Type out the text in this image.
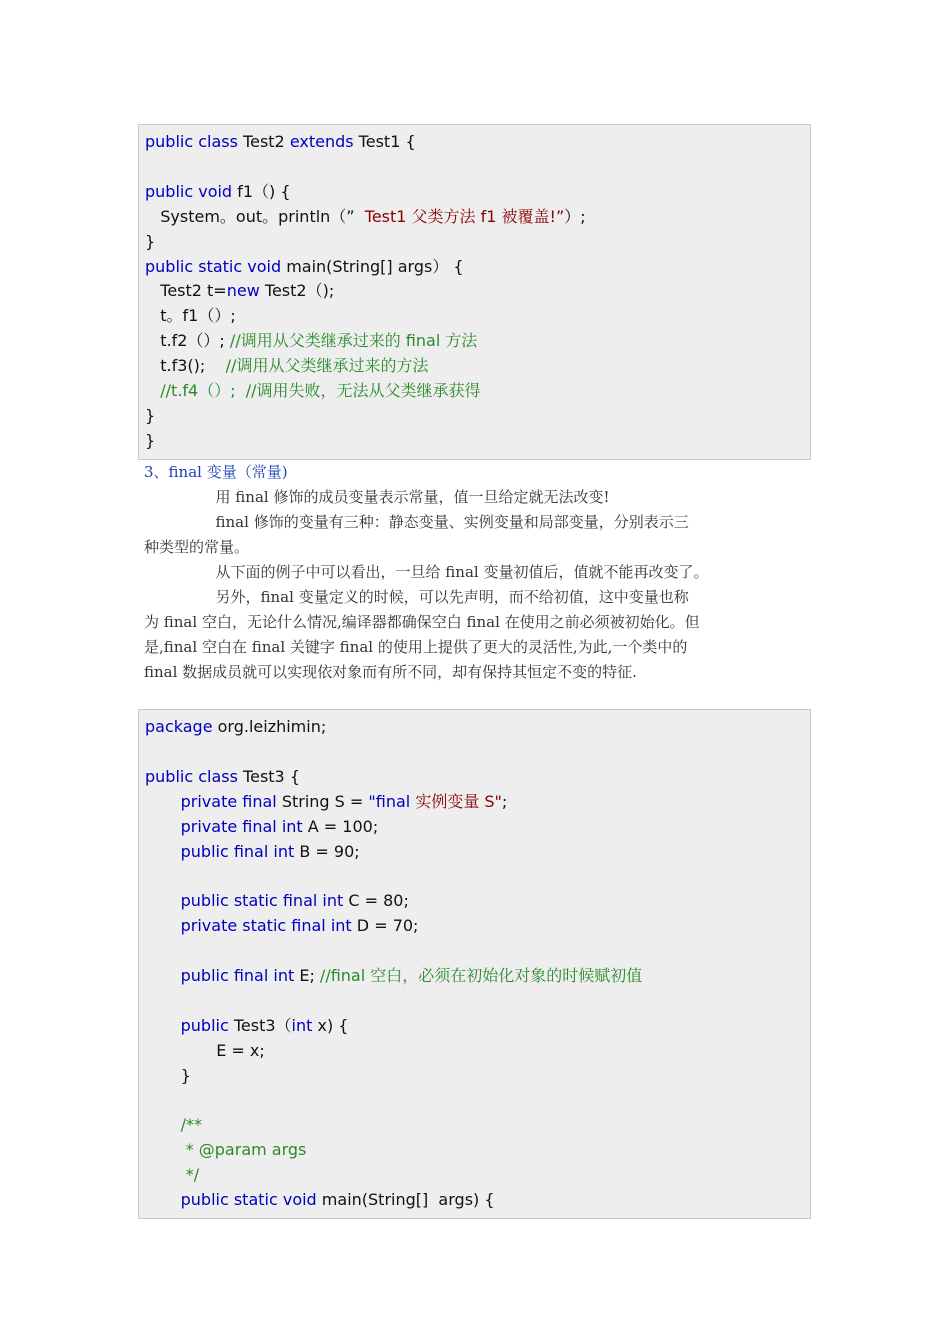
public class Test2 extends Test1 {
public void f1（) {
System。out。println（”  Test1 父类方法 f1 被覆盖!”）;
}
public static void main(String[] args） {
Test2 t=new Test2（);
t。f1（）;
t.f2（）; //调用从父类继承过来的 final 方法
t.f3();    //调用从父类继承过来的方法
//t.f4（）;  //调用失败，无法从父类继承获得
}
}
3、final 变量（常量)
用 final 修饰的成员变量表示常量，值一旦给定就无法改变!
final 修饰的变量有三种：静态变量、实例变量和局部变量，分别表示三
种类型的常量。
从下面的例子中可以看出，一旦给 final 变量初值后，值就不能再改变了。
另外，final 变量定义的时候，可以先声明，而不给初值，这中变量也称
为 final 空白，无论什么情况,编译器都确保空白 final 在使用之前必须被初始化。但
是,final 空白在 final 关键字 final 的使用上提供了更大的灵活性,为此,一个类中的
final 数据成员就可以实现依对象而有所不同，却有保持其恒定不变的特征.
package org.leizhimin;
public class Test3 {
private final String S = "final 实例变量 S";
private final int A = 100;
public final int B = 90;
public static final int C = 80;
private static final int D = 70;
public final int E; //final 空白，必须在初始化对象的时候赋初值
public Test3（int x) {
E = x;
}
/**
* @param args
*/
public static void main(String[]  args) {
